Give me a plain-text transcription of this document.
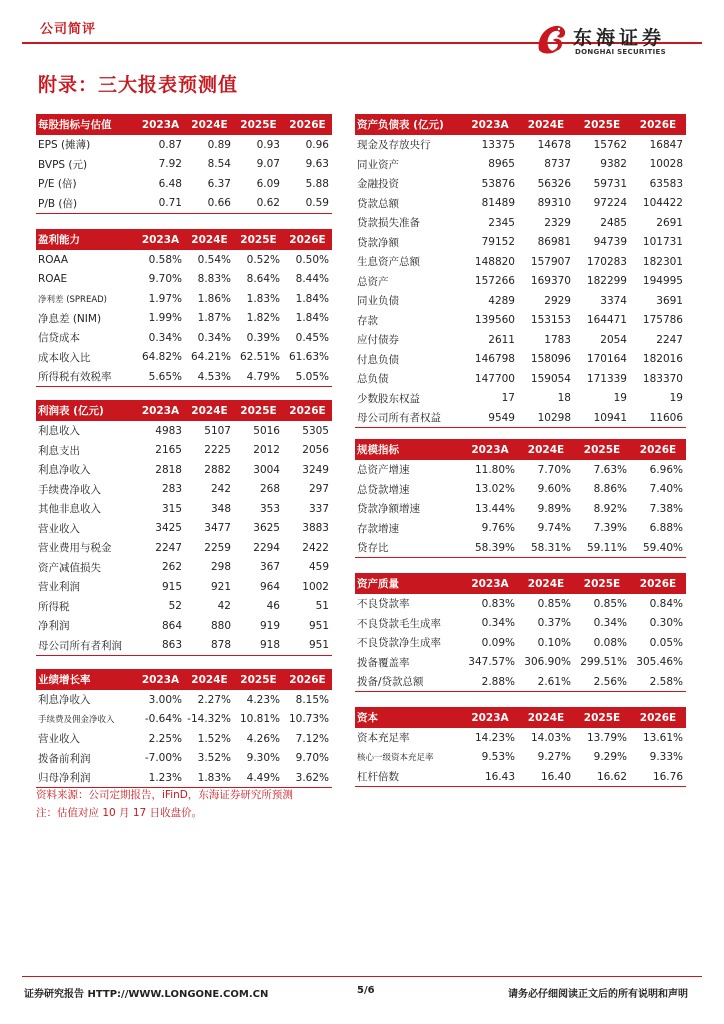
公司简评	东海证券
DONGHAI SECURITIES
附录：三大报表预测值
每股指标与估值	2023A	2024E	2025E	2026E
EPS (摊薄)	0.87	0.89	0.93	0.96
BVPS (元)	7.92	8.54	9.07	9.63
P/E (倍)	6.48	6.37	6.09	5.88
P/B (倍)	0.71	0.66	0.62	0.59
盈利能力	2023A	2024E	2025E	2026E
ROAA	0.58%	0.54%	0.52%	0.50%
ROAE	9.70%	8.83%	8.64%	8.44%
净利差 (SPREAD)	1.97%	1.86%	1.83%	1.84%
净息差 (NIM)	1.99%	1.87%	1.82%	1.84%
信贷成本	0.34%	0.34%	0.39%	0.45%
成本收入比	64.82%	64.21%	62.51%	61.63%
所得税有效税率	5.65%	4.53%	4.79%	5.05%
利润表 (亿元)	2023A	2024E	2025E	2026E
利息收入	4983	5107	5016	5305
利息支出	2165	2225	2012	2056
利息净收入	2818	2882	3004	3249
手续费净收入	283	242	268	297
其他非息收入	315	348	353	337
营业收入	3425	3477	3625	3883
营业费用与税金	2247	2259	2294	2422
资产减值损失	262	298	367	459
营业利润	915	921	964	1002
所得税	52	42	46	51
净利润	864	880	919	951
母公司所有者利润	863	878	918	951
业绩增长率	2023A	2024E	2025E	2026E
利息净收入	3.00%	2.27%	4.23%	8.15%
手续费及佣金净收入	-0.64%	-14.32%	10.81%	10.73%
营业收入	2.25%	1.52%	4.26%	7.12%
拨备前利润	-7.00%	3.52%	9.30%	9.70%
归母净利润	1.23%	1.83%	4.49%	3.62%
资产负债表 (亿元)	2023A	2024E	2025E	2026E
现金及存放央行	13375	14678	15762	16847
同业资产	8965	8737	9382	10028
金融投资	53876	56326	59731	63583
贷款总额	81489	89310	97224	104422
贷款损失准备	2345	2329	2485	2691
贷款净额	79152	86981	94739	101731
生息资产总额	148820	157907	170283	182301
总资产	157266	169370	182299	194995
同业负债	4289	2929	3374	3691
存款	139560	153153	164471	175786
应付债券	2611	1783	2054	2247
付息负债	146798	158096	170164	182016
总负债	147700	159054	171339	183370
少数股东权益	17	18	19	19
母公司所有者权益	9549	10298	10941	11606
规模指标	2023A	2024E	2025E	2026E
总资产增速	11.80%	7.70%	7.63%	6.96%
总贷款增速	13.02%	9.60%	8.86%	7.40%
贷款净额增速	13.44%	9.89%	8.92%	7.38%
存款增速	9.76%	9.74%	7.39%	6.88%
贷存比	58.39%	58.31%	59.11%	59.40%
资产质量	2023A	2024E	2025E	2026E
不良贷款率	0.83%	0.85%	0.85%	0.84%
不良贷款毛生成率	0.34%	0.37%	0.34%	0.30%
不良贷款净生成率	0.09%	0.10%	0.08%	0.05%
拨备覆盖率	347.57%	306.90%	299.51%	305.46%
拨备/贷款总额	2.88%	2.61%	2.56%	2.58%
资本	2023A	2024E	2025E	2026E
资本充足率	14.23%	14.03%	13.79%	13.61%
核心一级资本充足率	9.53%	9.27%	9.29%	9.33%
杠杆倍数	16.43	16.40	16.62	16.76
资料来源：公司定期报告，iFinD，东海证券研究所预测
注：估值对应 10 月 17 日收盘价。
证券研究报告 HTTP://WWW.LONGONE.COM.CN	5/6	请务必仔细阅读正文后的所有说明和声明
